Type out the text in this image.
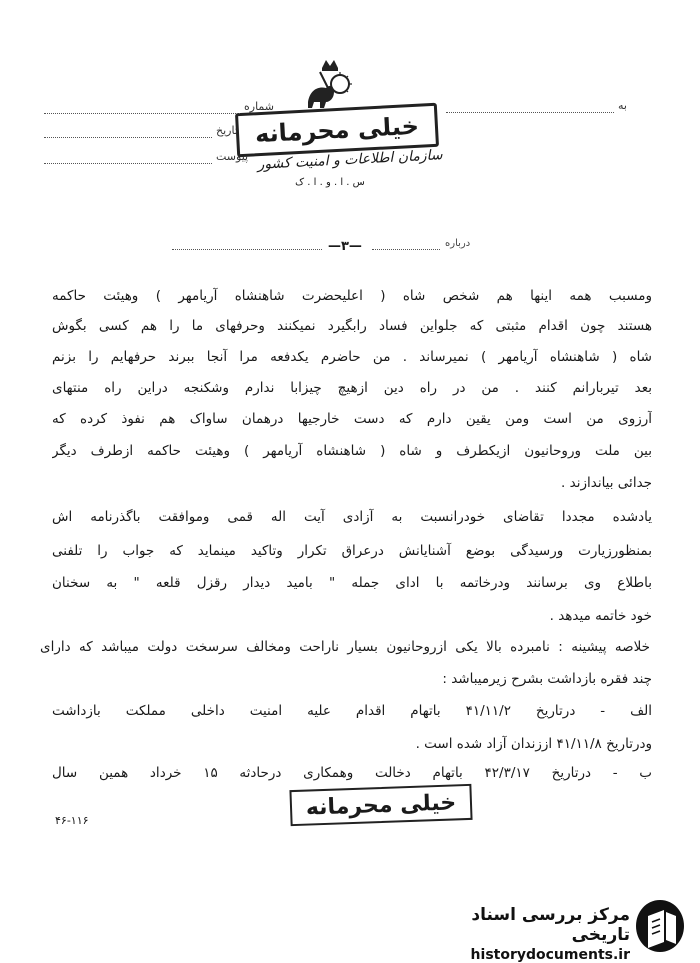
خیلی محرمانه
سازمان اطلاعات و امنیت کشور
س . ا . و . ا . ک
به
شماره
تاریخ
پیوست
درباره
—۳—
ومسبب همه اینها هم شخص شاه ( اعلیحضرت شاهنشاه آریامهر ) وهیئت حاکمه
هستند چون اقدام مثبتی که جلواین فساد رابگیرد نمیکنند وحرفهای ما را هم کسی بگوش
شاه ( شاهنشاه آریامهر ) نمیرساند . من حاضرم یکدفعه مرا آنجا ببرند حرفهایم را بزنم
بعد تیربارانم کنند . من در راه دین ازهیچ چیزابا ندارم وشکنجه دراین راه منتهای
آرزوی من است ومن یقین دارم که دست خارجیها درهمان ساواک هم نفوذ کرده که
بین ملت وروحانیون ازیکطرف و شاه ( شاهنشاه آریامهر ) وهیئت حاکمه ازطرف دیگر
جدائی بیاندازند .
یادشده مجددا تقاضای خودرانسبت به آزادی آیت اله قمی وموافقت باگذرنامه اش
بمنظورزیارت ورسیدگی بوضع آشنایانش درعراق تکرار وتاکید مینماید که جواب را تلفنی
باطلاع وی برسانند ودرخاتمه با ادای جمله " بامید دیدار رقزل قلعه " به سخنان
خود خاتمه میدهد .
خلاصه پیشینه : نامبرده بالا یکی ازروحانیون بسیار ناراحت ومخالف سرسخت دولت میباشد که دارای
چند فقره بازداشت بشرح زیرمیباشد :
الف - درتاریخ ۴۱/۱۱/۲ باتهام اقدام علیه امنیت داخلی مملکت بازداشت
ودرتاریخ ۴۱/۱۱/۸ اززندان آزاد شده است .
ب - درتاریخ ۴۲/۳/۱۷ باتهام دخالت وهمکاری درحادثه ۱۵ خرداد همین سال
خیلی محرمانه
۴۶-۱۱۶
مرکز بررسی اسناد تاریخی
historydocuments.ir
